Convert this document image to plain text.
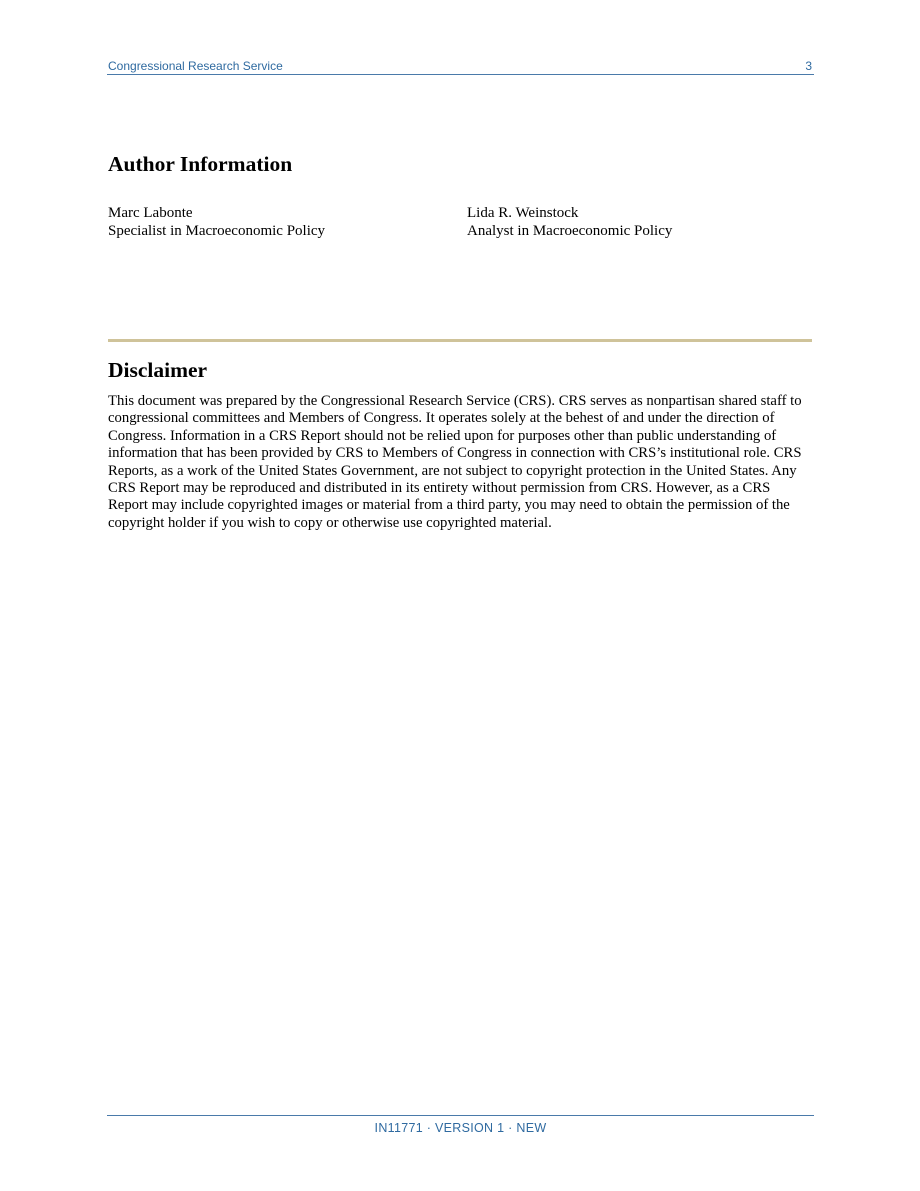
Congressional Research Service	3
Author Information
Marc Labonte
Specialist in Macroeconomic Policy
Lida R. Weinstock
Analyst in Macroeconomic Policy
Disclaimer

This document was prepared by the Congressional Research Service (CRS). CRS serves as nonpartisan shared staff to congressional committees and Members of Congress. It operates solely at the behest of and under the direction of Congress. Information in a CRS Report should not be relied upon for purposes other than public understanding of information that has been provided by CRS to Members of Congress in connection with CRS’s institutional role. CRS Reports, as a work of the United States Government, are not subject to copyright protection in the United States. Any CRS Report may be reproduced and distributed in its entirety without permission from CRS. However, as a CRS Report may include copyrighted images or material from a third party, you may need to obtain the permission of the copyright holder if you wish to copy or otherwise use copyrighted material.

IN11771 · VERSION 1 · NEW
